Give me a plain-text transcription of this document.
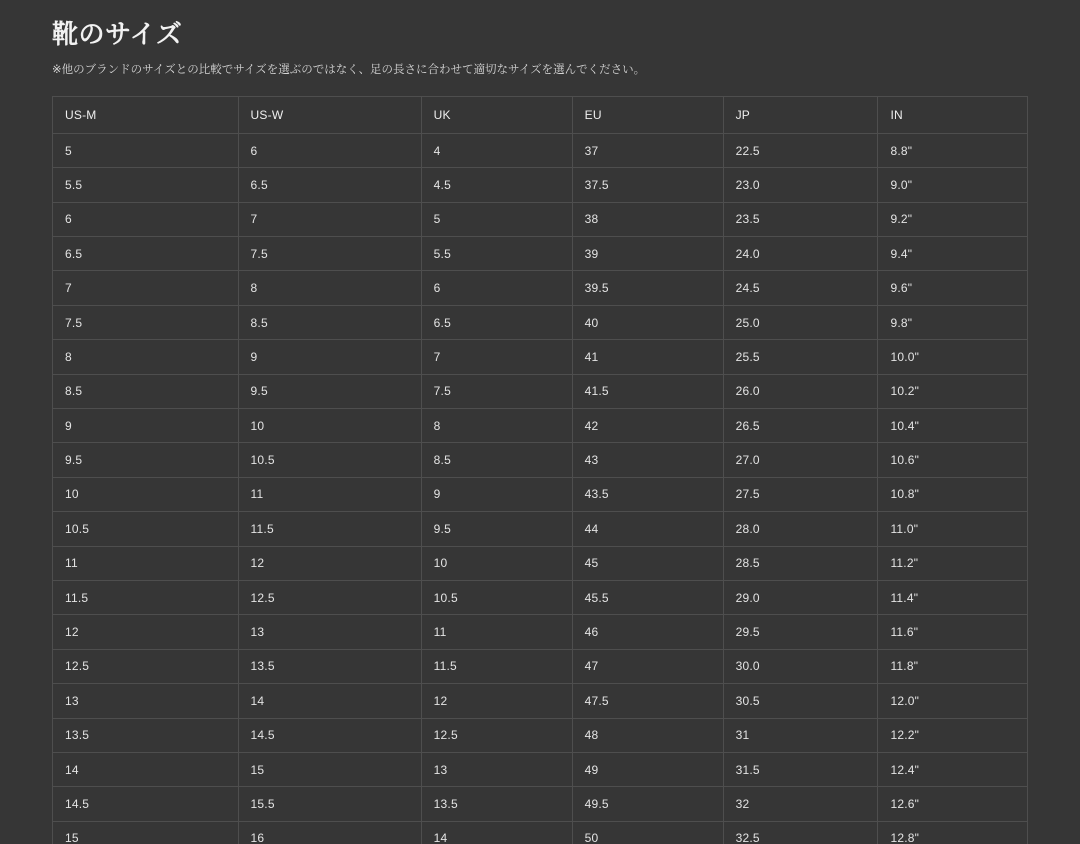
靴のサイズ

※他のブランドのサイズとの比較でサイズを選ぶのではなく、足の長さに合わせて適切なサイズを選んでください。

US-M	US-W	UK	EU	JP	IN
5	6	4	37	22.5	8.8"
5.5	6.5	4.5	37.5	23.0	9.0"
6	7	5	38	23.5	9.2"
6.5	7.5	5.5	39	24.0	9.4"
7	8	6	39.5	24.5	9.6"
7.5	8.5	6.5	40	25.0	9.8"
8	9	7	41	25.5	10.0"
8.5	9.5	7.5	41.5	26.0	10.2"
9	10	8	42	26.5	10.4"
9.5	10.5	8.5	43	27.0	10.6"
10	11	9	43.5	27.5	10.8"
10.5	11.5	9.5	44	28.0	11.0"
11	12	10	45	28.5	11.2"
11.5	12.5	10.5	45.5	29.0	11.4"
12	13	11	46	29.5	11.6"
12.5	13.5	11.5	47	30.0	11.8"
13	14	12	47.5	30.5	12.0"
13.5	14.5	12.5	48	31	12.2"
14	15	13	49	31.5	12.4"
14.5	15.5	13.5	49.5	32	12.6"
15	16	14	50	32.5	12.8"
